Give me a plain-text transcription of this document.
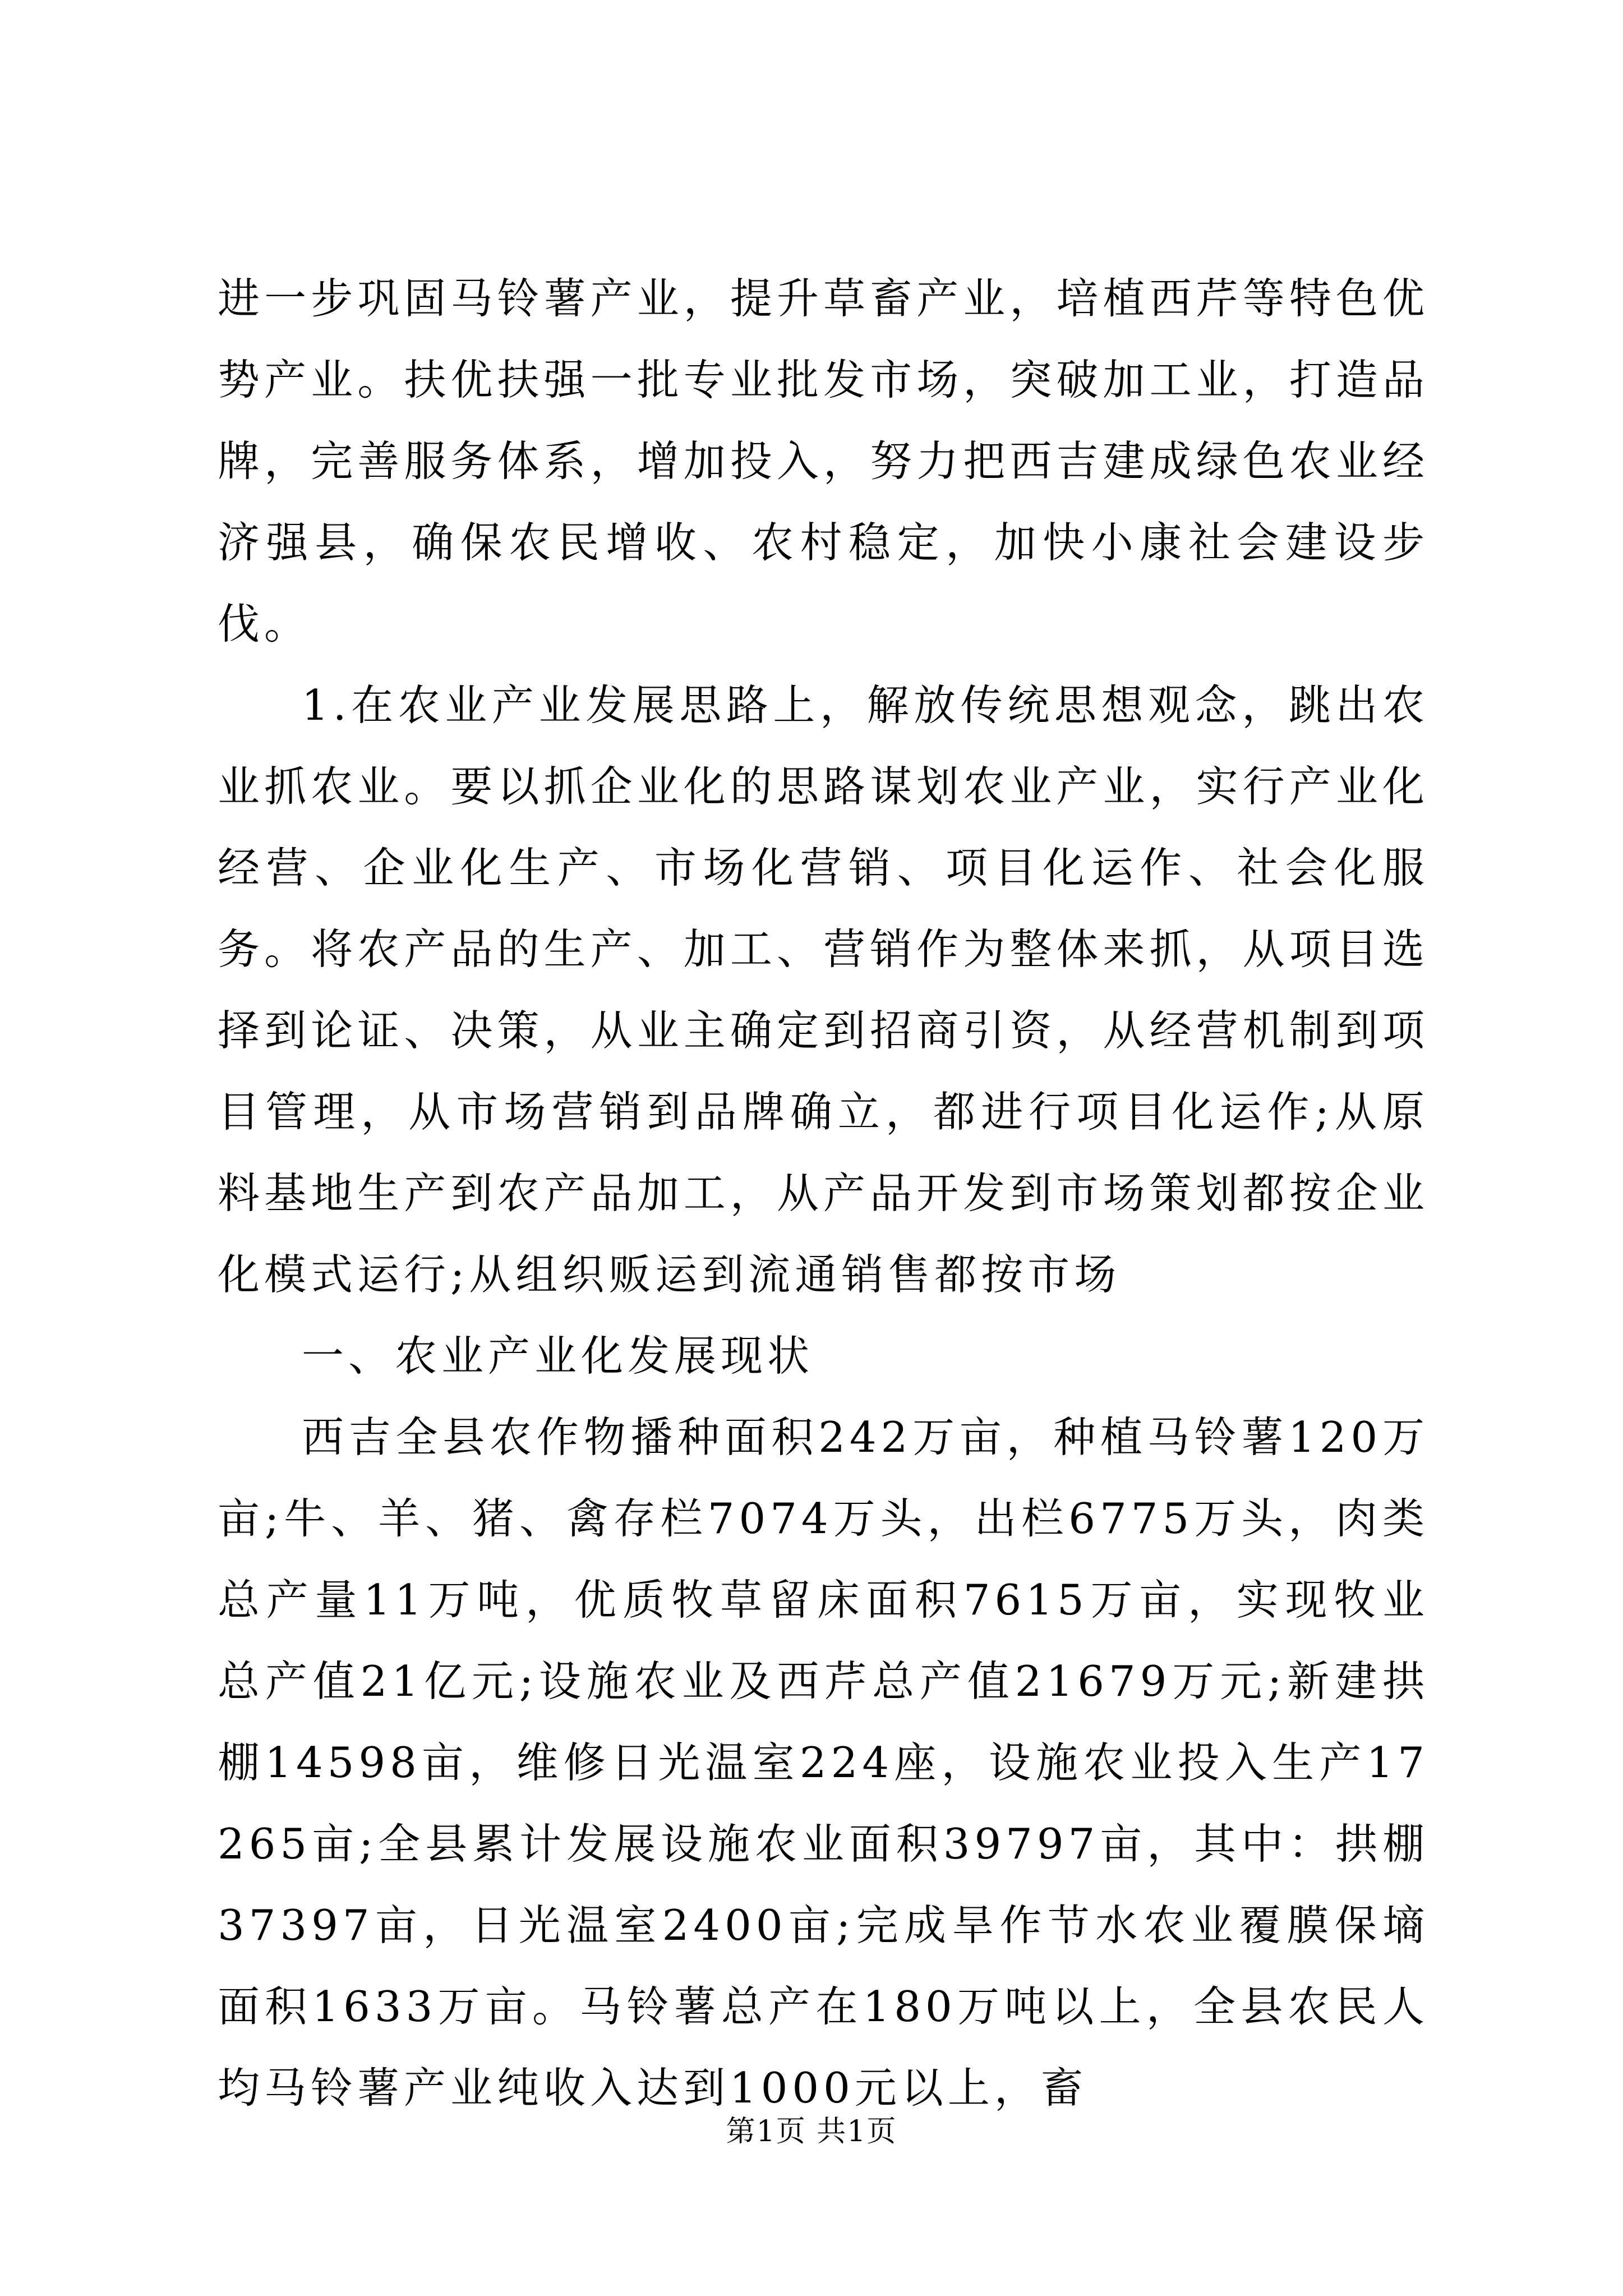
进一步巩固马铃薯产业，提升草畜产业，培植西芹等特色优势产业。扶优扶强一批专业批发市场，突破加工业，打造品牌，完善服务体系，增加投入，努力把西吉建成绿色农业经济强县，确保农民增收、农村稳定，加快小康社会建设步伐。

1.在农业产业发展思路上，解放传统思想观念，跳出农业抓农业。要以抓企业化的思路谋划农业产业，实行产业化经营、企业化生产、市场化营销、项目化运作、社会化服务。将农产品的生产、加工、营销作为整体来抓，从项目选择到论证、决策，从业主确定到招商引资，从经营机制到项目管理，从市场营销到品牌确立，都进行项目化运作;从原料基地生产到农产品加工，从产品开发到市场策划都按企业化模式运行;从组织贩运到流通销售都按市场

一、农业产业化发展现状

西吉全县农作物播种面积242万亩，种植马铃薯120万亩;牛、羊、猪、禽存栏7074万头，出栏6775万头，肉类总产量11万吨，优质牧草留床面积7615万亩，实现牧业总产值21亿元;设施农业及西芹总产值21679万元;新建拱棚14598亩，维修日光温室224座，设施农业投入生产17265亩;全县累计发展设施农业面积39797亩，其中：拱棚37397亩，日光温室2400亩;完成旱作节水农业覆膜保墒面积1633万亩。马铃薯总产在180万吨以上，全县农民人均马铃薯产业纯收入达到1000元以上，畜

第1页 共1页
